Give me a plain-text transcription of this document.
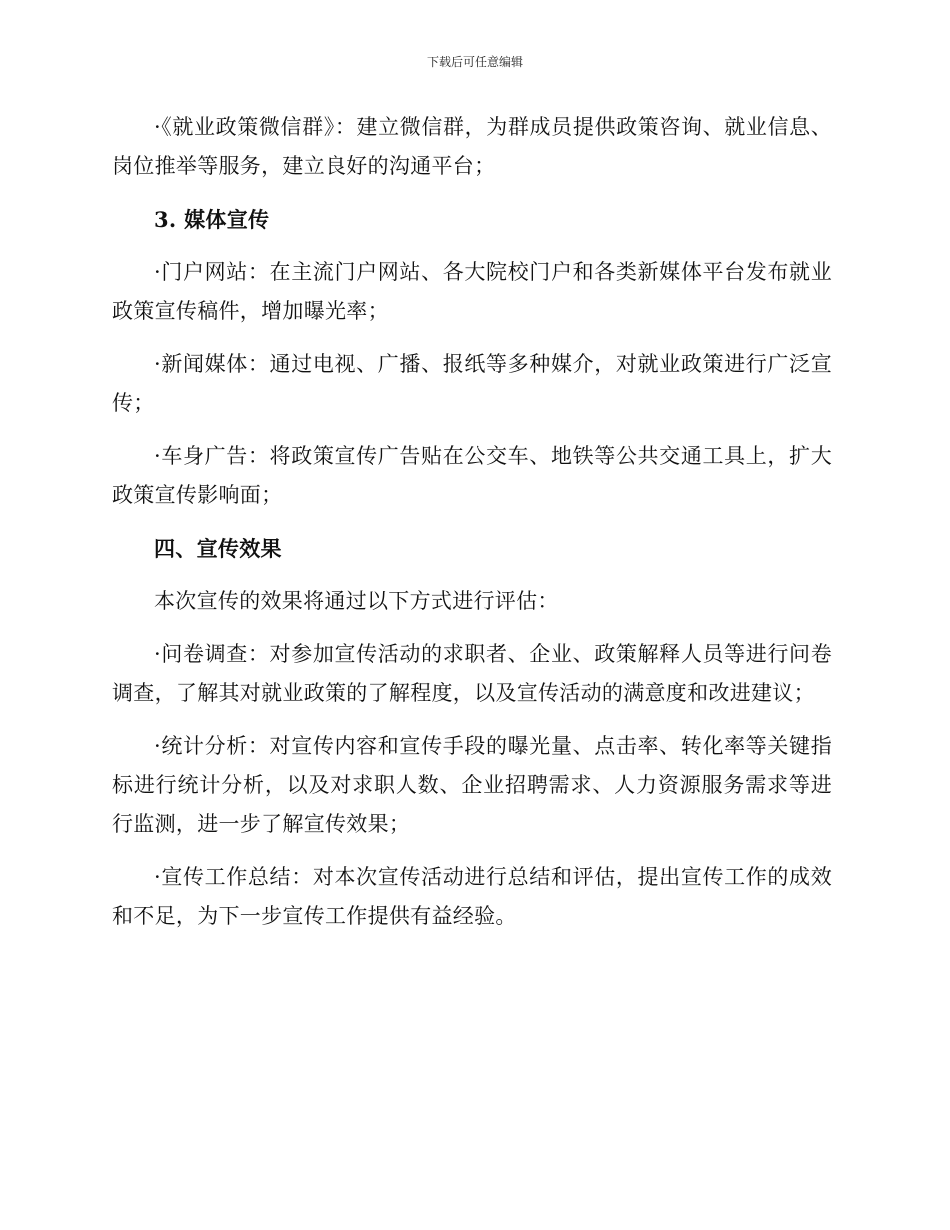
下载后可任意编辑

·《就业政策微信群》：建立微信群，为群成员提供政策咨询、就业信息、岗位推举等服务，建立良好的沟通平台；

3. 媒体宣传

·门户网站：在主流门户网站、各大院校门户和各类新媒体平台发布就业政策宣传稿件，增加曝光率；

·新闻媒体：通过电视、广播、报纸等多种媒介，对就业政策进行广泛宣传；

·车身广告：将政策宣传广告贴在公交车、地铁等公共交通工具上，扩大政策宣传影响面；

四、宣传效果

本次宣传的效果将通过以下方式进行评估：

·问卷调查：对参加宣传活动的求职者、企业、政策解释人员等进行问卷调查，了解其对就业政策的了解程度，以及宣传活动的满意度和改进建议；

·统计分析：对宣传内容和宣传手段的曝光量、点击率、转化率等关键指标进行统计分析，以及对求职人数、企业招聘需求、人力资源服务需求等进行监测，进一步了解宣传效果；

·宣传工作总结：对本次宣传活动进行总结和评估，提出宣传工作的成效和不足，为下一步宣传工作提供有益经验。
